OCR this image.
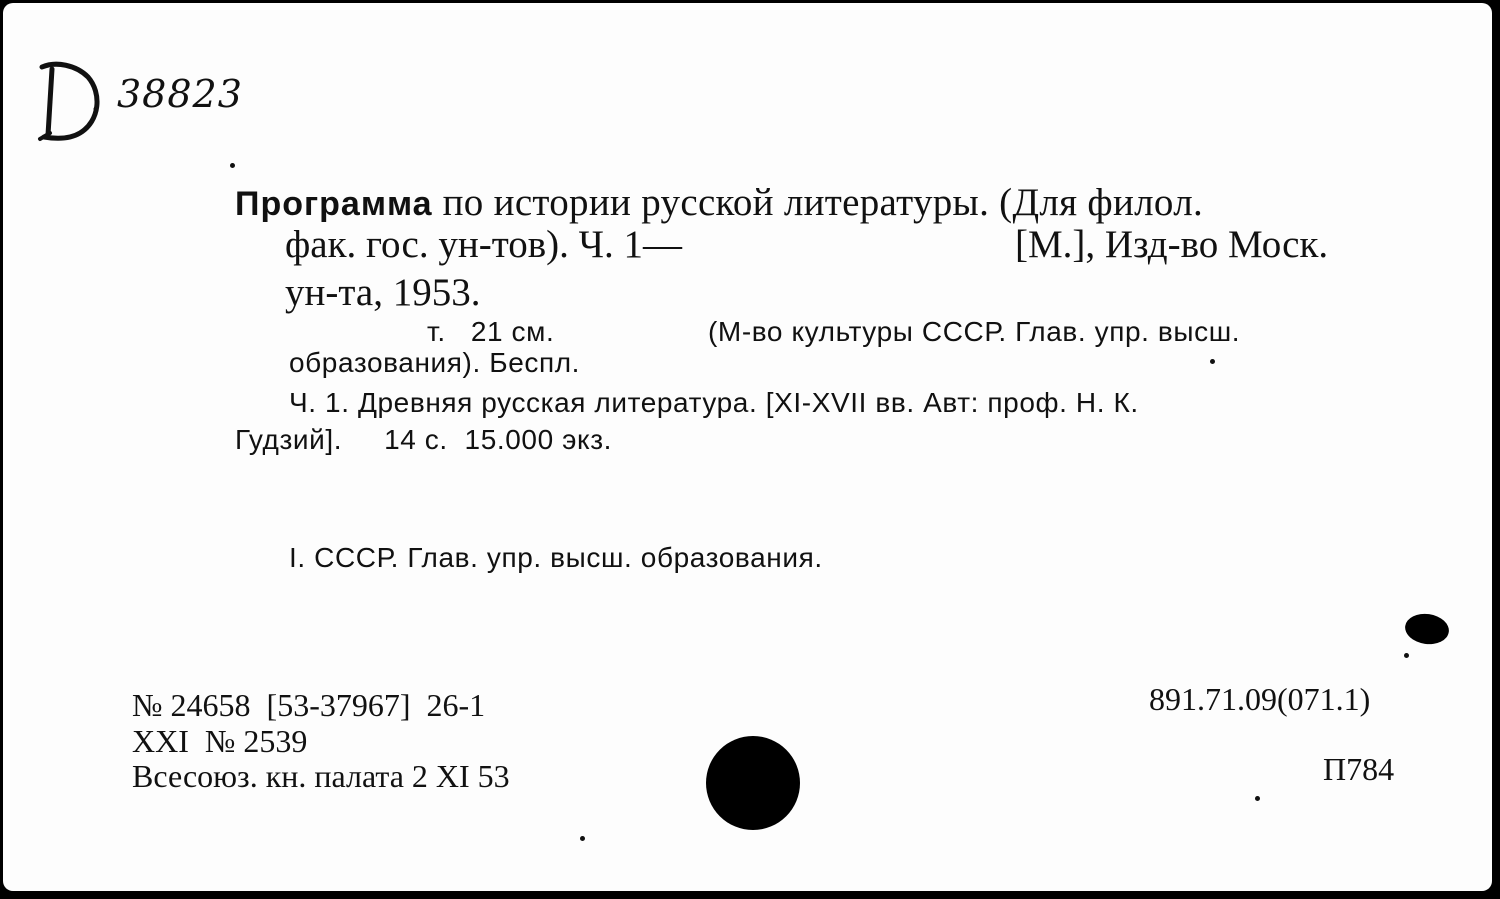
38823
Программа по истории русской литературы. (Для филол.
фак. гос. ун-тов). Ч. 1—	[М.], Изд-во Моск.
ун-та, 1953.
т.   21 см.	(М-во культуры СССР. Глав. упр. высш.
образования). Беспл.
Ч. 1. Древняя русская литература. [XI-XVII вв. Авт: проф. Н. К.
Гудзий].     14 с.  15.000 экз.
I. СССР. Глав. упр. высш. образования.
№ 24658  [53-37967]  26-1
XXI  № 2539
Всесоюз. кн. палата 2 XI 53
891.71.09(071.1)
П784
